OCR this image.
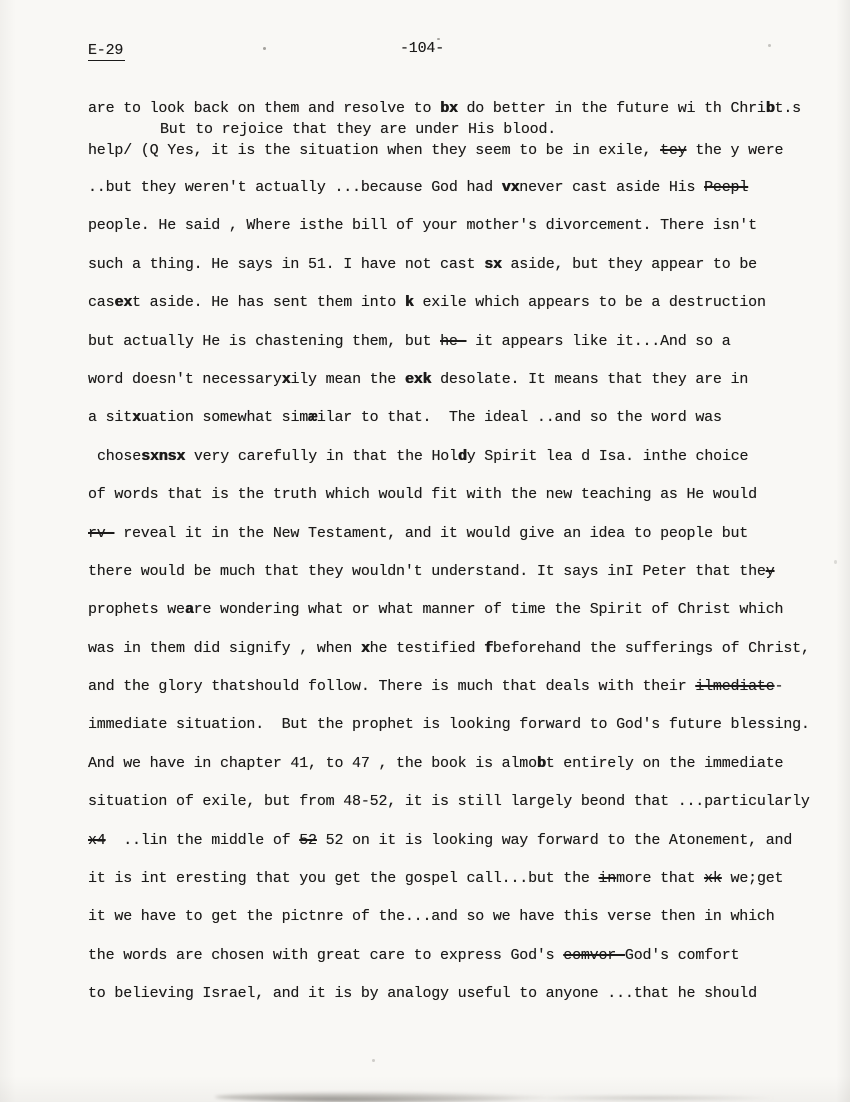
E-29	-104-
are to look back on them and resolve to bx do better in the future wi th Chribt.s
But to rejoice that they are under His blood.
help/ (Q Yes, it is the situation when they seem to be in exile, tey the y were
..but they weren't actually ...because God had vxnever cast aside His Peepl
people. He said , Where isthe bill of your mother's divorcement. There isn't
such a thing. He says in 51. I have not cast sx aside, but they appear to be
casext aside. He has sent them into k exile which appears to be a destruction
but actually He is chastening them, but he- it appears like it...And so a
word doesn't necessaryxily mean the exk desolate. It means that they are in
a sitxuation somewhat simæilar to that.  The ideal ..and so the word was
chosesxnsx very carefully in that the Holdy Spirit lea d Isa. inthe choice
of words that is the truth which would fit with the new teaching as He would
rv- reveal it in the New Testament, and it would give an idea to people but
there would be much that they wouldn't understand. It says inI Peter that they
prophets weare wondering what or what manner of time the Spirit of Christ which
was in them did signify , when xhe testified fbeforehand the sufferings of Christ,
and the glory thatshould follow. There is much that deals with their ilmediate-
immediate situation.  But the prophet is looking forward to God's future blessing.
And we have in chapter 41, to 47 , the book is almobt entirely on the immediate
situation of exile, but from 48-52, it is still largely beond that ...particularly
x4  ..lin the middle of 52 52 on it is looking way forward to the Atonement, and
it is int eresting that you get the gospel call...but the inmore that xk we;get
it we have to get the pictnre of the...and so we have this verse then in which
the words are chosen with great care to express God's eomvor-God's comfort
to believing Israel, and it is by analogy useful to anyone ...that he should
